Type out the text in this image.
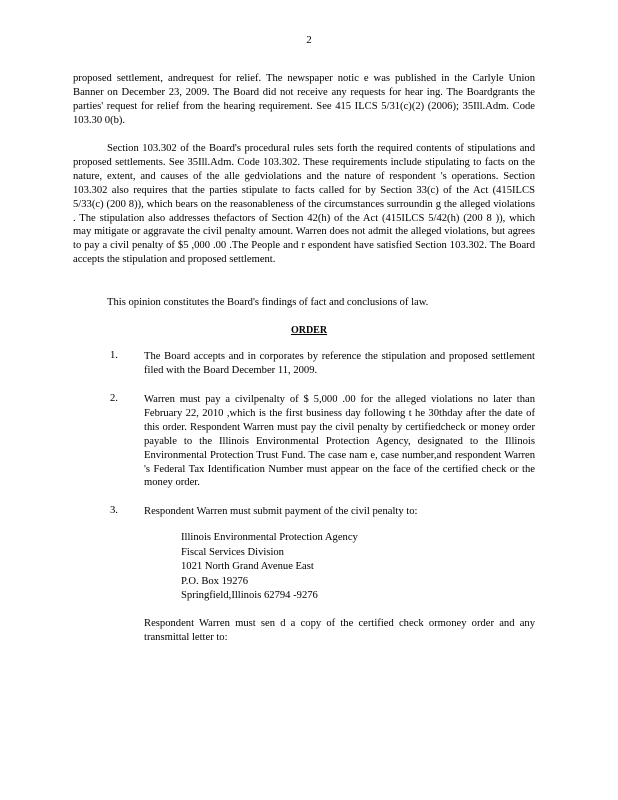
2
proposed settlement, andrequest for relief. The newspaper notic e was published in the Carlyle Union Banner on December 23, 2009. The Board did not receive any requests for hear ing. The Boardgrants the parties' request for relief from the hearing requirement. See 415 ILCS 5/31(c)(2) (2006); 35Ill.Adm. Code 103.30 0(b).
Section 103.302 of the Board's procedural rules sets forth the required contents of stipulations and proposed settlements. See 35Ill.Adm. Code 103.302. These requirements include stipulating to facts on the nature, extent, and causes of the alle gedviolations and the nature of respondent 's operations. Section 103.302 also requires that the parties stipulate to facts called for by Section 33(c) of the Act (415ILCS 5/33(c) (200 8)), which bears on the reasonableness of the circumstances surroundin g the alleged violations . The stipulation also addresses thefactors of Section 42(h) of the Act (415ILCS 5/42(h) (200 8 )), which may mitigate or aggravate the civil penalty amount. Warren does not admit the alleged violations, but agrees to pay a civil penalty of $5 ,000 .00 .The People and r espondent have satisfied Section 103.302. The Board accepts the stipulation and proposed settlement.
This opinion constitutes the Board's findings of fact and conclusions of law.
ORDER
1.	The Board accepts and in corporates by reference the stipulation and proposed settlement filed with the Board December 11, 2009.
2.	Warren must pay a civilpenalty of $ 5,000 .00 for the alleged violations no later than February 22, 2010 ,which is the first business day following t he 30thday after the date of this order. Respondent Warren must pay the civil penalty by certifiedcheck or money order payable to the Illinois Environmental Protection Agency, designated to the Illinois Environmental Protection Trust Fund. The case nam e, case number,and respondent Warren 's Federal Tax Identification Number must appear on the face of the certified check or the money order.
3.	Respondent Warren must submit payment of the civil penalty to:
Illinois Environmental Protection Agency
Fiscal Services Division
1021 North Grand Avenue East
P.O. Box 19276
Springfield,Illinois 62794 -9276
Respondent Warren must sen d a copy of the certified check ormoney order and any transmittal letter to:
